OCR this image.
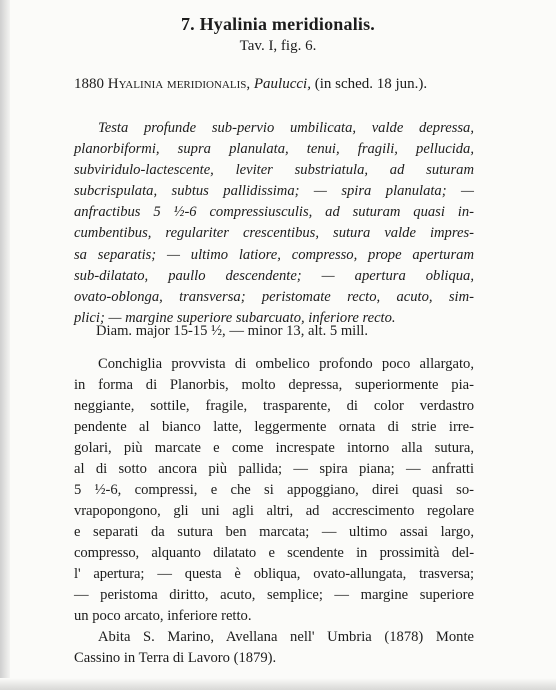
7. Hyalinia meridionalis.
Tav. I, fig. 6.
1880 Hyalinia meridionalis, Paulucci, (in sched. 18 jun.).
Testa profunde sub-pervio umbilicata, valde depressa,
planorbiformi, supra planulata, tenui, fragili, pellucida,
subviridulo-lactescente, leviter substriatula, ad suturam
subcrispulata, subtus pallidissima; — spira planulata; —
anfractibus 5 ½-6 compressiusculis, ad suturam quasi in-
cumbentibus, regulariter crescentibus, sutura valde impres-
sa separatis; — ultimo latiore, compresso, prope aperturam
sub-dilatato, paullo descendente; — apertura obliqua,
ovato-oblonga, transversa; peristomate recto, acuto, sim-
plici; — margine superiore subarcuato, inferiore recto.
Diam. major 15-15 ½, — minor 13, alt. 5 mill.
Conchiglia provvista di ombelico profondo poco allargato,
in forma di Planorbis, molto depressa, superiormente pia-
neggiante, sottile, fragile, trasparente, di color verdastro
pendente al bianco latte, leggermente ornata di strie irre-
golari, più marcate e come increspate intorno alla sutura,
al di sotto ancora più pallida; — spira piana; — anfratti
5 ½-6, compressi, e che si appoggiano, direi quasi so-
vrapopongono, gli uni agli altri, ad accrescimento regolare
e separati da sutura ben marcata; — ultimo assai largo,
compresso, alquanto dilatato e scendente in prossimità del-
l' apertura; — questa è obliqua, ovato-allungata, trasversa;
— peristoma diritto, acuto, semplice; — margine superiore
un poco arcato, inferiore retto.
Abita S. Marino, Avellana nell' Umbria (1878) Monte
Cassino in Terra di Lavoro (1879).
